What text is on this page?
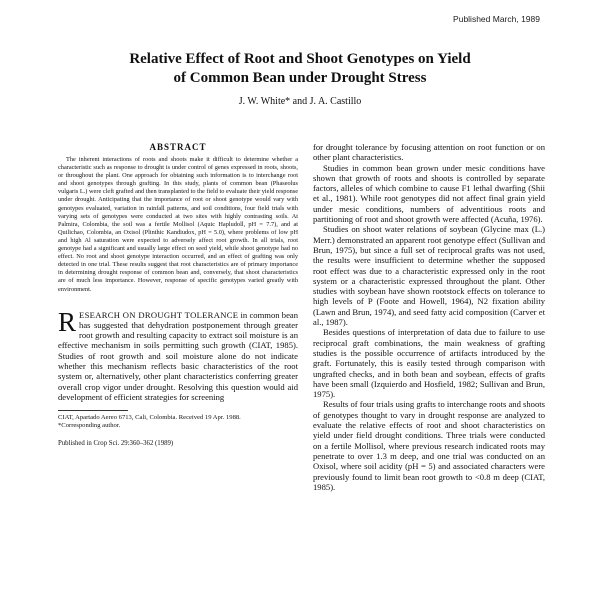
Published March, 1989
Relative Effect of Root and Shoot Genotypes on Yield
of Common Bean under Drought Stress
J. W. White* and J. A. Castillo
ABSTRACT

The inherent interactions of roots and shoots make it difficult to determine whether a characteristic such as response to drought is under control of genes expressed in roots, shoots, or throughout the plant. One approach for obtaining such information is to interchange root and shoot genotypes through grafting. In this study, plants of common bean (Phaseolus vulgaris L.) were cleft grafted and then transplanted to the field to evaluate their yield response under drought. Anticipating that the importance of root or shoot genotype would vary with genotypes evaluated, variation in rainfall patterns, and soil conditions, four field trials with varying sets of genotypes were conducted at two sites with highly contrasting soils. At Palmira, Colombia, the soil was a fertile Mollisol (Aquic Hapludoll, pH = 7.7), and at Quilichao, Colombia, an Oxisol (Plinthic Kandiudox, pH = 5.0), where problems of low pH and high Al saturation were expected to adversely affect root growth. In all trials, root genotype had a significant and usually large effect on seed yield, while shoot genotype had no effect. No root and shoot genotype interaction occurred, and an effect of grafting was only detected in one trial. These results suggest that root characteristics are of primary importance in determining drought response of common bean and, conversely, that shoot characteristics are of much less importance. However, response of specific genotypes varied greatly with environment.

RESEARCH ON DROUGHT TOLERANCE in common bean has suggested that dehydration postponement through greater root growth and resulting capacity to extract soil moisture is an effective mechanism in soils permitting such growth (CIAT, 1985). Studies of root growth and soil moisture alone do not indicate whether this mechanism reflects basic characteristics of the root system or, alternatively, other plant characteristics conferring greater overall crop vigor under drought. Resolving this question would aid development of efficient strategies for screening

CIAT, Apartado Aereo 6713, Cali, Colombia. Received 19 Apr. 1988.

*Corresponding author.

Published in Crop Sci. 29:360–362 (1989)

for drought tolerance by focusing attention on root function or on other plant characteristics.

Studies in common bean grown under mesic conditions have shown that growth of roots and shoots is controlled by separate factors, alleles of which combine to cause F1 lethal dwarfing (Shii et al., 1981). While root genotypes did not affect final grain yield under mesic conditions, numbers of adventitious roots and partitioning of root and shoot growth were affected (Acuña, 1976).

Studies on shoot water relations of soybean (Glycine max (L.) Merr.) demonstrated an apparent root genotype effect (Sullivan and Brun, 1975), but since a full set of reciprocal grafts was not used, the results were insufficient to determine whether the supposed root effect was due to a characteristic expressed only in the root system or a characteristic expressed throughout the plant. Other studies with soybean have shown rootstock effects on tolerance to high levels of P (Foote and Howell, 1964), N2 fixation ability (Lawn and Brun, 1974), and seed fatty acid composition (Carver et al., 1987).

Besides questions of interpretation of data due to failure to use reciprocal graft combinations, the main weakness of grafting studies is the possible occurrence of artifacts introduced by the graft. Fortunately, this is easily tested through comparison with ungrafted checks, and in both bean and soybean, effects of grafts have been small (Izquierdo and Hosfield, 1982; Sullivan and Brun, 1975).

Results of four trials using grafts to interchange roots and shoots of genotypes thought to vary in drought response are analyzed to evaluate the relative effects of root and shoot characteristics on yield under field drought conditions. Three trials were conducted on a fertile Mollisol, where previous research indicated roots may penetrate to over 1.3 m deep, and one trial was conducted on an Oxisol, where soil acidity (pH = 5) and associated characters were previously found to limit bean root growth to <0.8 m deep (CIAT, 1985).
